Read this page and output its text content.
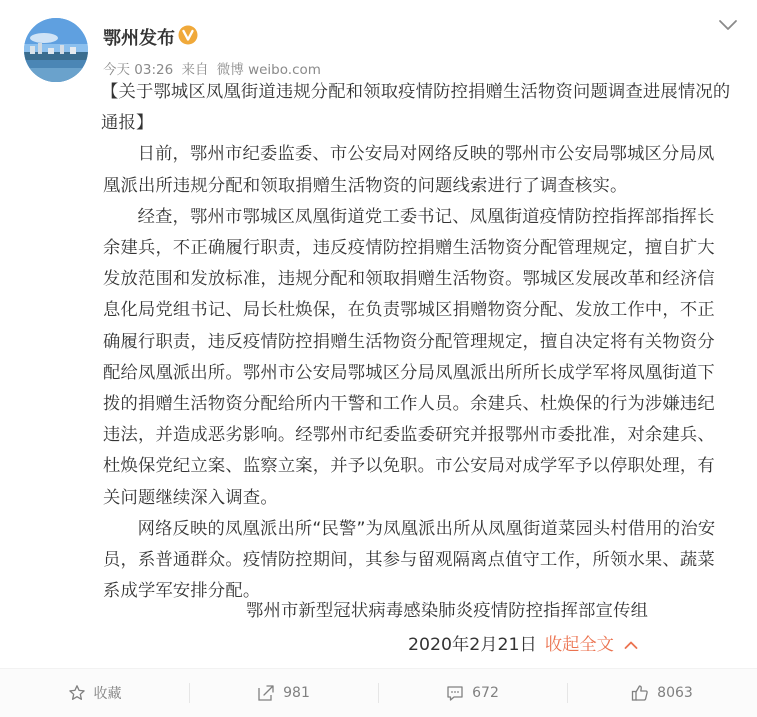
鄂州发布
今天 03:26 来自 微博 weibo.com

【关于鄂城区凤凰街道违规分配和领取疫情防控捐赠生活物资问题调查进展情况的通报】

日前，鄂州市纪委监委、市公安局对网络反映的鄂州市公安局鄂城区分局凤凰派出所违规分配和领取捐赠生活物资的问题线索进行了调查核实。

经查，鄂州市鄂城区凤凰街道党工委书记、凤凰街道疫情防控指挥部指挥长余建兵，不正确履行职责，违反疫情防控捐赠生活物资分配管理规定，擅自扩大发放范围和发放标准，违规分配和领取捐赠生活物资。鄂城区发展改革和经济信息化局党组书记、局长杜焕保，在负责鄂城区捐赠物资分配、发放工作中，不正确履行职责，违反疫情防控捐赠生活物资分配管理规定，擅自决定将有关物资分配给凤凰派出所。鄂州市公安局鄂城区分局凤凰派出所所长成学军将凤凰街道下拨的捐赠生活物资分配给所内干警和工作人员。余建兵、杜焕保的行为涉嫌违纪违法，并造成恶劣影响。经鄂州市纪委监委研究并报鄂州市委批准，对余建兵、杜焕保党纪立案、监察立案，并予以免职。市公安局对成学军予以停职处理，有关问题继续深入调查。

网络反映的凤凰派出所“民警”为凤凰派出所从凤凰街道菜园头村借用的治安员，系普通群众。疫情防控期间，其参与留观隔离点值守工作，所领水果、蔬菜系成学军安排分配。

鄂州市新型冠状病毒感染肺炎疫情防控指挥部宣传组
2020年2月21日 收起全文
收藏	981	672	8063
